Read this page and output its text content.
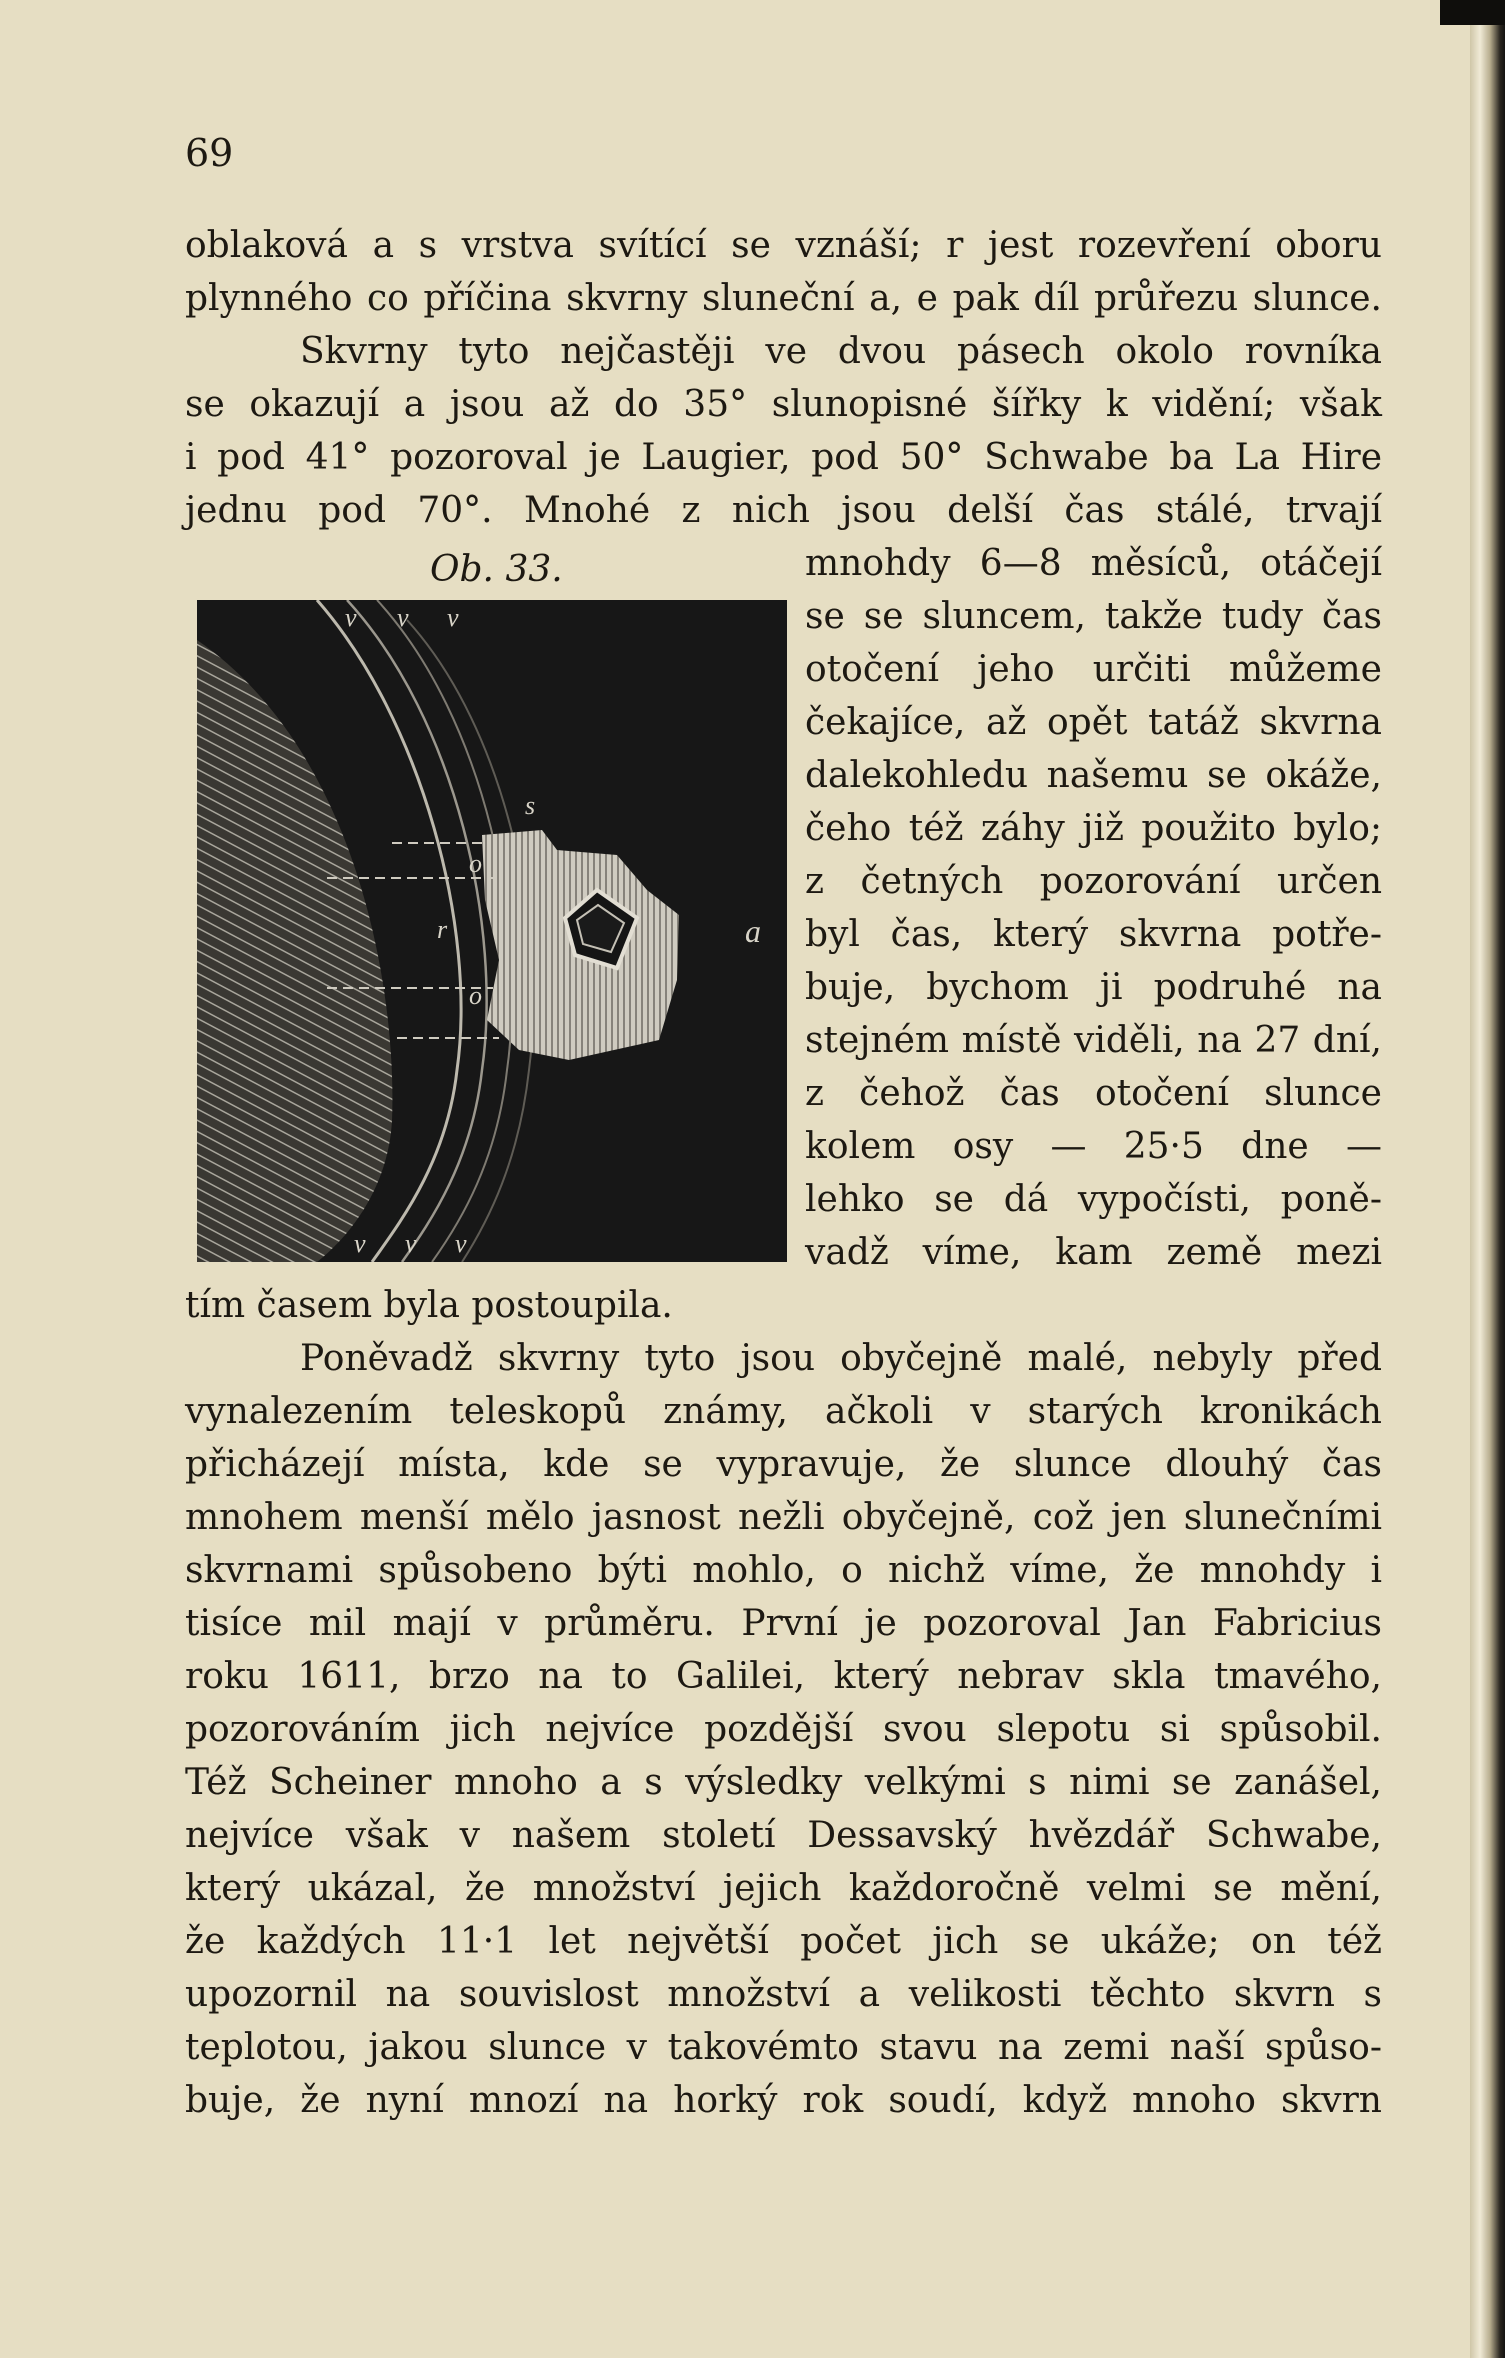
69
oblaková a s vrstva svítící se vznáší; r jest rozevření oboru
plynného co příčina skvrny sluneční a, e pak díl průřezu slunce.
Skvrny tyto nejčastěji ve dvou pásech okolo rovníka
se okazují a jsou až do 35° slunopisné šířky k vidění; však
i pod 41° pozoroval je Laugier, pod 50° Schwabe ba La Hire
jednu pod 70°. Mnohé z nich jsou delší čas stálé, trvají
Ob. 33.
v v v
v v v
s
o
r
o
a
mnohdy 6—8 měsíců, otáčejí
se se sluncem, takže tudy čas
otočení jeho určiti můžeme
čekajíce, až opět tatáž skvrna
dalekohledu našemu se okáže,
čeho též záhy již použito bylo;
z četných pozorování určen
byl čas, který skvrna potře-
buje, bychom ji podruhé na
stejném místě viděli, na 27 dní,
z čehož čas otočení slunce
kolem osy — 25·5 dne —
lehko se dá vypočísti, poně-
vadž víme, kam země mezi
tím časem byla postoupila.
Poněvadž skvrny tyto jsou obyčejně malé, nebyly před
vynalezením teleskopů známy, ačkoli v starých kronikách
přicházejí místa, kde se vypravuje, že slunce dlouhý čas
mnohem menší mělo jasnost nežli obyčejně, což jen slunečními
skvrnami spůsobeno býti mohlo, o nichž víme, že mnohdy i
tisíce mil mají v průměru. První je pozoroval Jan Fabricius
roku 1611, brzo na to Galilei, který nebrav skla tmavého,
pozorováním jich nejvíce pozdější svou slepotu si spůsobil.
Též Scheiner mnoho a s výsledky velkými s nimi se zanášel,
nejvíce však v našem století Dessavský hvězdář Schwabe,
který ukázal, že množství jejich každoročně velmi se mění,
že každých 11·1 let největší počet jich se ukáže; on též
upozornil na souvislost množství a velikosti těchto skvrn s
teplotou, jakou slunce v takovémto stavu na zemi naší spůso-
buje, že nyní mnozí na horký rok soudí, když mnoho skvrn
